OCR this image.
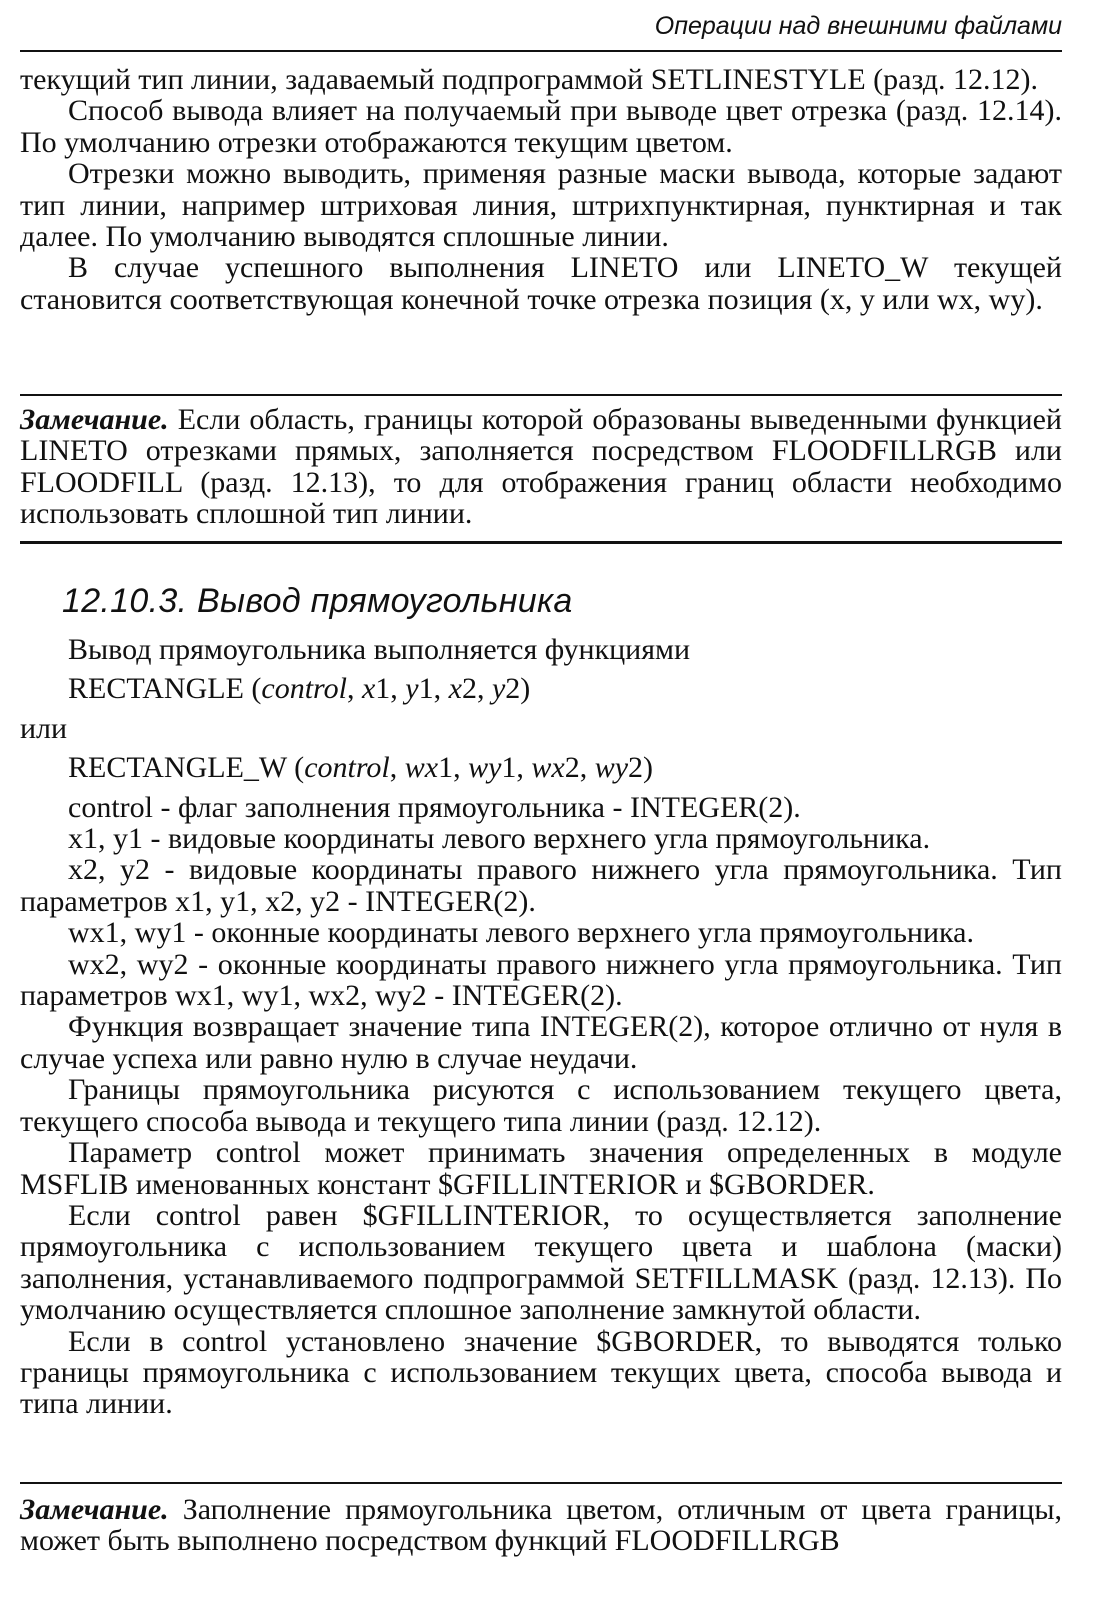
Операции над внешними файлами

текущий тип линии, задаваемый подпрограммой SETLINESTYLE (разд. 12.12).

Способ вывода влияет на получаемый при выводе цвет отрезка (разд. 12.14). По умолчанию отрезки отображаются текущим цветом.

Отрезки можно выводить, применяя разные маски вывода, которые задают тип линии, например штриховая линия, штрихпунктирная, пунктирная и так далее. По умолчанию выводятся сплошные линии.

В случае успешного выполнения LINETO или LINETO_W текущей становится соответствующая конечной точке отрезка позиция (x, y или wx, wy).

Замечание. Если область, границы которой образованы выведенными функцией LINETO отрезками прямых, заполняется посредством FLOODFILLRGB или FLOODFILL (разд. 12.13), то для отображения границ области необходимо использовать сплошной тип линии.

12.10.3. Вывод прямоугольника

Вывод прямоугольника выполняется функциями

RECTANGLE (control, x1, y1, x2, y2)

или

RECTANGLE_W (control, wx1, wy1, wx2, wy2)

control - флаг заполнения прямоугольника - INTEGER(2).

x1, y1 - видовые координаты левого верхнего угла прямоугольника.

x2, y2 - видовые координаты правого нижнего угла прямоугольника. Тип параметров x1, y1, x2, y2 - INTEGER(2).

wx1, wy1 - оконные координаты левого верхнего угла прямоугольника.

wx2, wy2 - оконные координаты правого нижнего угла прямоугольника. Тип параметров wx1, wy1, wx2, wy2 - INTEGER(2).

Функция возвращает значение типа INTEGER(2), которое отлично от нуля в случае успеха или равно нулю в случае неудачи.

Границы прямоугольника рисуются с использованием текущего цвета, текущего способа вывода и текущего типа линии (разд. 12.12).

Параметр control может принимать значения определенных в модуле MSFLIB именованных констант $GFILLINTERIOR и $GBORDER.

Если control равен $GFILLINTERIOR, то осуществляется заполнение прямоугольника с использованием текущего цвета и шаблона (маски) заполнения, устанавливаемого подпрограммой SETFILLMASK (разд. 12.13). По умолчанию осуществляется сплошное заполнение замкнутой области.

Если в control установлено значение $GBORDER, то выводятся только границы прямоугольника с использованием текущих цвета, способа вывода и типа линии.

Замечание. Заполнение прямоугольника цветом, отличным от цвета границы, может быть выполнено посредством функций FLOODFILLRGB
